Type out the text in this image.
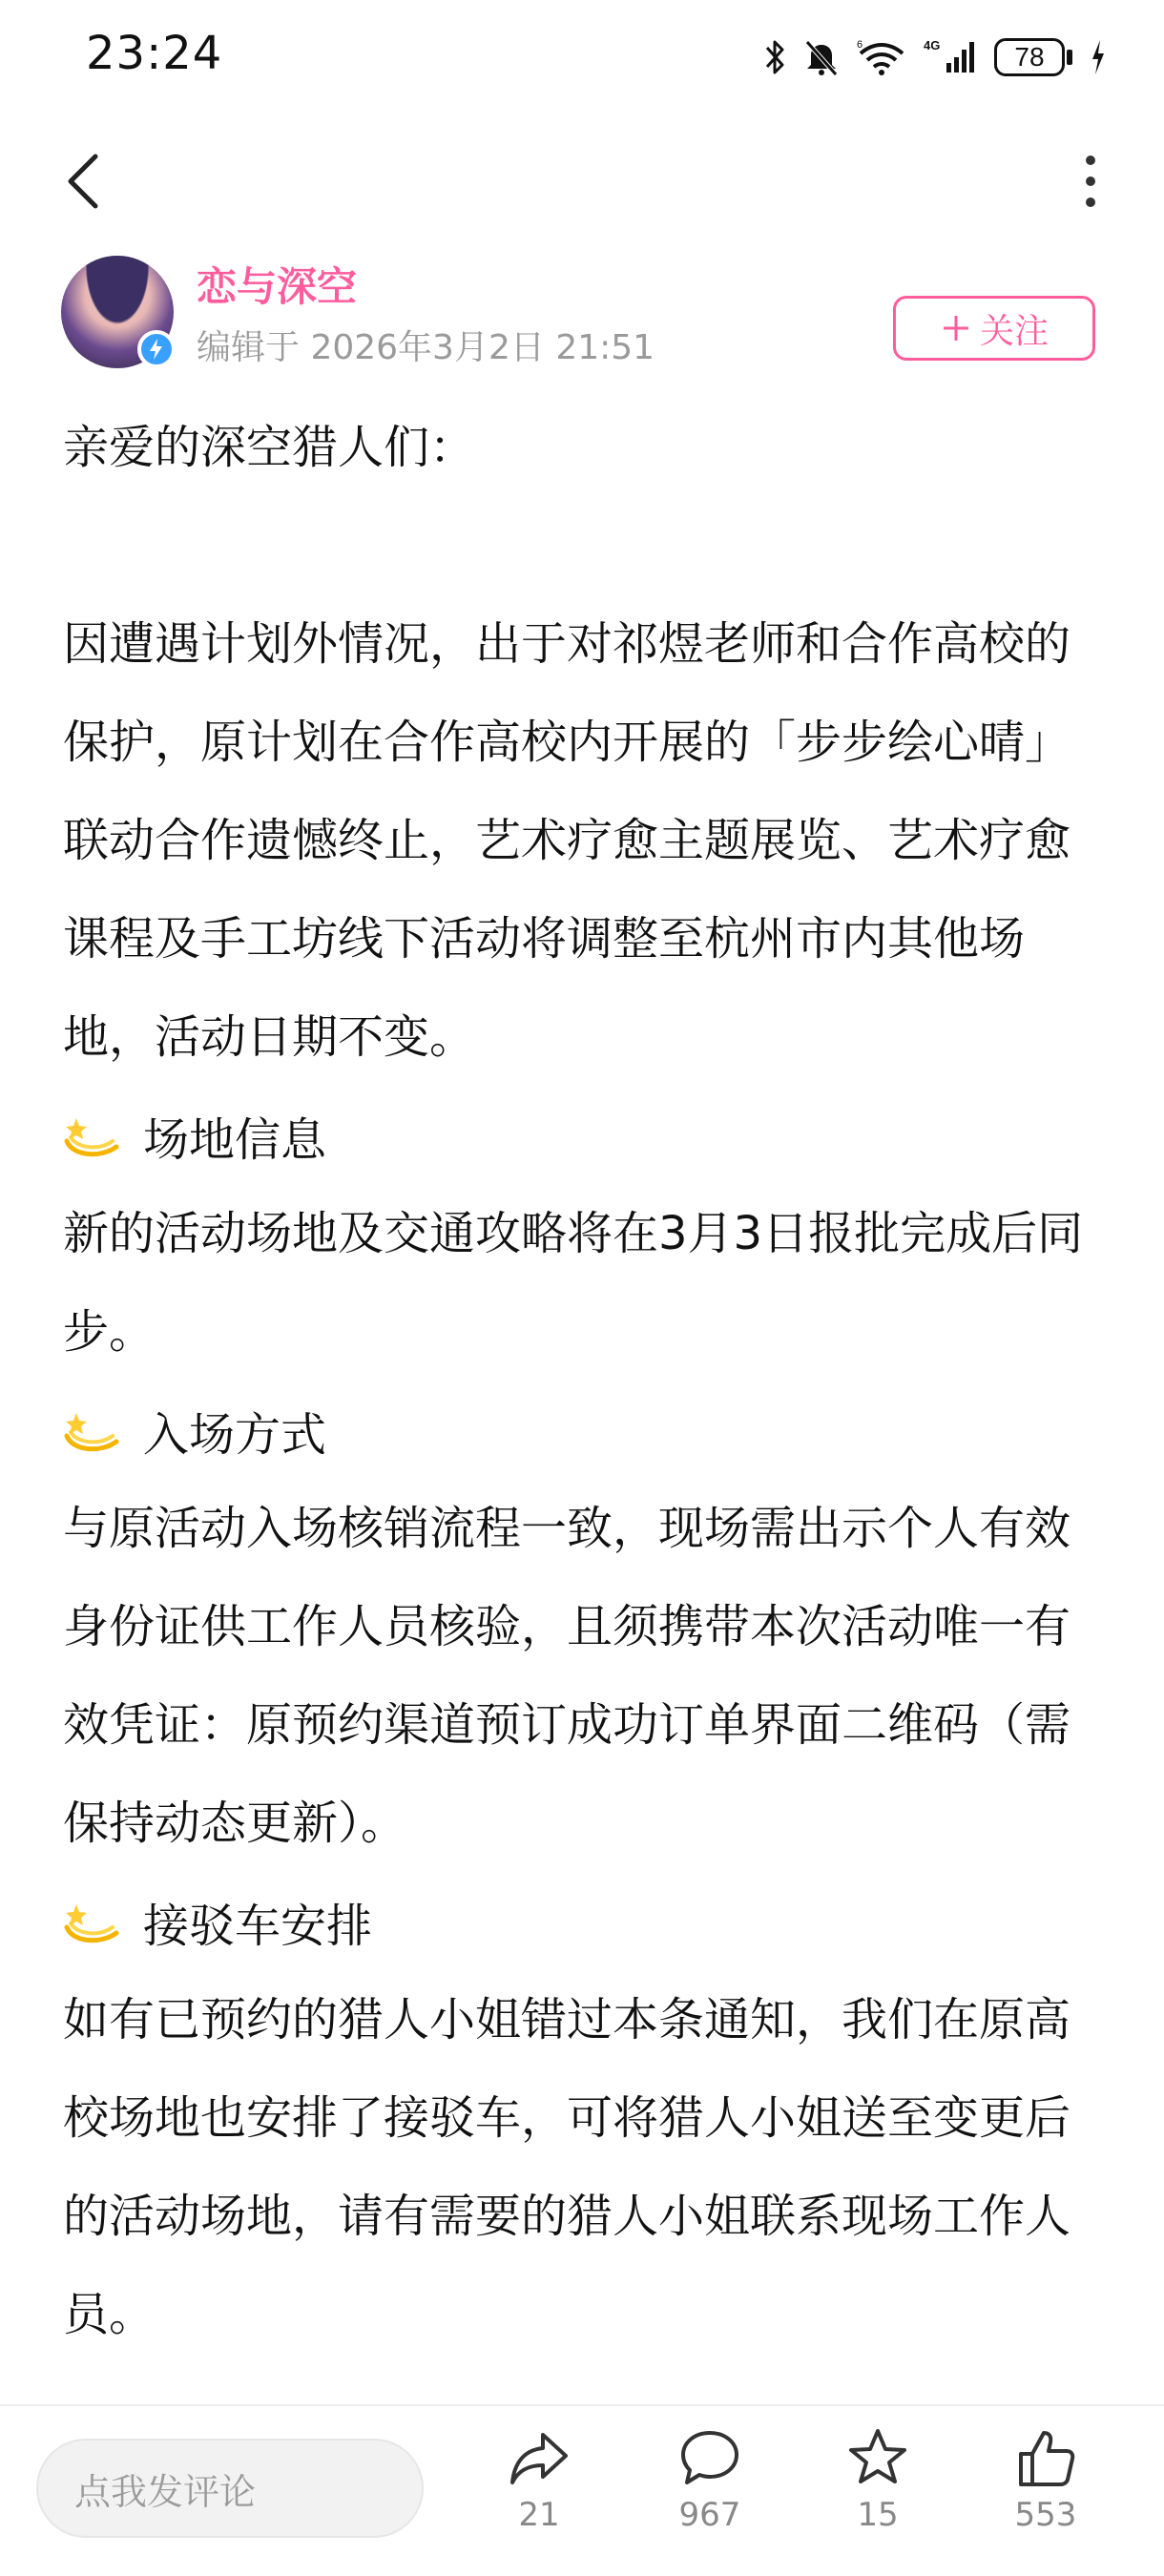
23:24	6	4G	78
恋与深空
编辑于 2026年3月2日 21:51	关注

亲爱的深空猎人们：

因遭遇计划外情况，出于对祁煜老师和合作高校的保护，原计划在合作高校内开展的「步步绘心晴」联动合作遗憾终止，艺术疗愈主题展览、艺术疗愈课程及手工坊线下活动将调整至杭州市内其他场地，活动日期不变。

场地信息

新的活动场地及交通攻略将在3月3日报批完成后同步。

入场方式

与原活动入场核销流程一致，现场需出示个人有效身份证供工作人员核验，且须携带本次活动唯一有效凭证：原预约渠道预订成功订单界面二维码（需保持动态更新）。

接驳车安排

如有已预约的猎人小姐错过本条通知，我们在原高校场地也安排了接驳车，可将猎人小姐送至变更后的活动场地，请有需要的猎人小姐联系现场工作人员。

点我发评论
21	967	15	553
